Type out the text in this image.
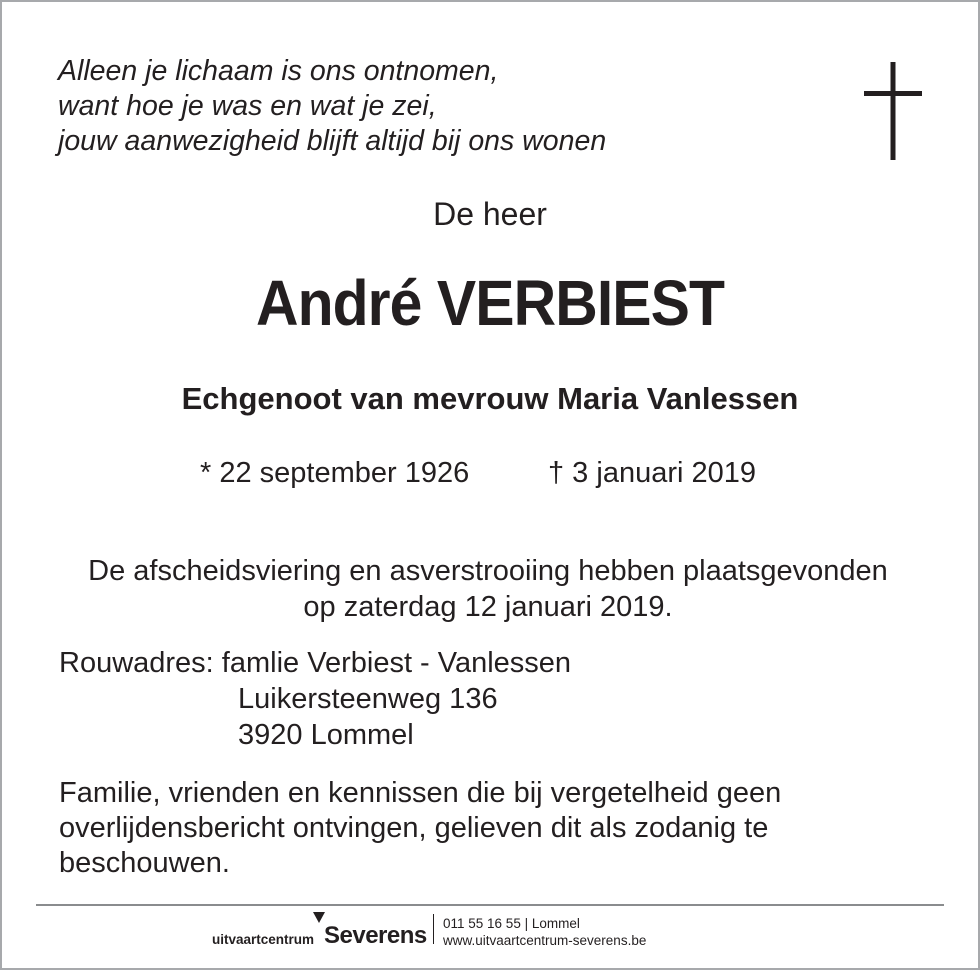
Alleen je lichaam is ons ontnomen,
want hoe je was en wat je zei,
jouw aanwezigheid blijft altijd bij ons wonen
De heer
André VERBIEST
Echgenoot van mevrouw Maria Vanlessen
* 22 september 1926	† 3 januari 2019
De afscheidsviering en asverstrooiing hebben plaatsgevonden
op zaterdag 12 januari 2019.
Rouwadres: famlie Verbiest - Vanlessen
Luikersteenweg 136
3920 Lommel
Familie, vrienden en kennissen die bij vergetelheid geen
overlijdensbericht ontvingen, gelieven dit als zodanig te
beschouwen.
uitvaartcentrum Severens 011 55 16 55 | Lommel
www.uitvaartcentrum-severens.be
